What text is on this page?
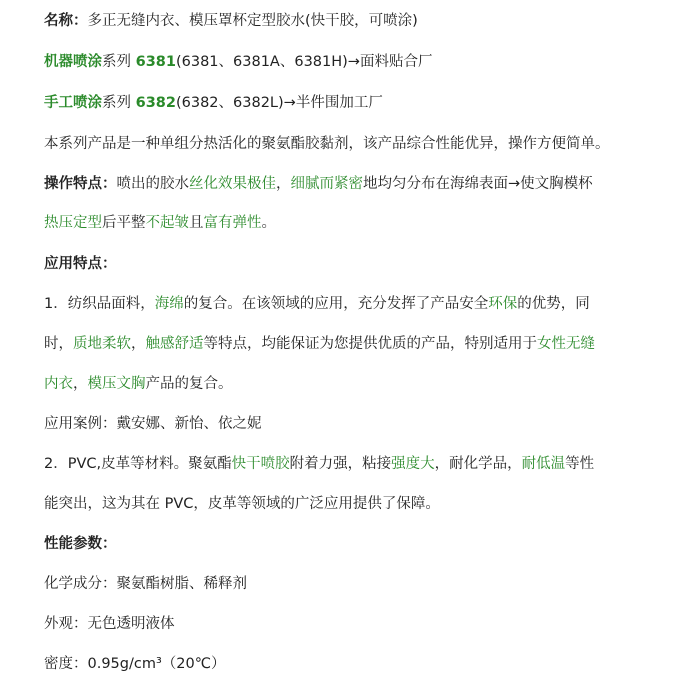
名称：多正无缝内衣、模压罩杯定型胶水(快干胶，可喷涂)
机器喷涂系列 6381(6381、6381A、6381H)→面料贴合厂
手工喷涂系列 6382(6382、6382L)→半件围加工厂
本系列产品是一种单组分热活化的聚氨酯胶黏剂，该产品综合性能优异，操作方便简单。
操作特点：喷出的胶水丝化效果极佳，细腻而紧密地均匀分布在海绵表面→使文胸模杯
热压定型后平整不起皱且富有弹性。
应用特点：
1．纺织品面料，海绵的复合。在该领域的应用，充分发挥了产品安全环保的优势，同
时，质地柔软，触感舒适等特点，均能保证为您提供优质的产品，特别适用于女性无缝
内衣，模压文胸产品的复合。
应用案例：戴安娜、新怡、依之妮
2．PVC,皮革等材料。聚氨酯快干喷胶附着力强，粘接强度大，耐化学品，耐低温等性
能突出，这为其在 PVC，皮革等领域的广泛应用提供了保障。
性能参数：
化学成分：聚氨酯树脂、稀释剂
外观：无色透明液体
密度：0.95g/cm³（20℃）
